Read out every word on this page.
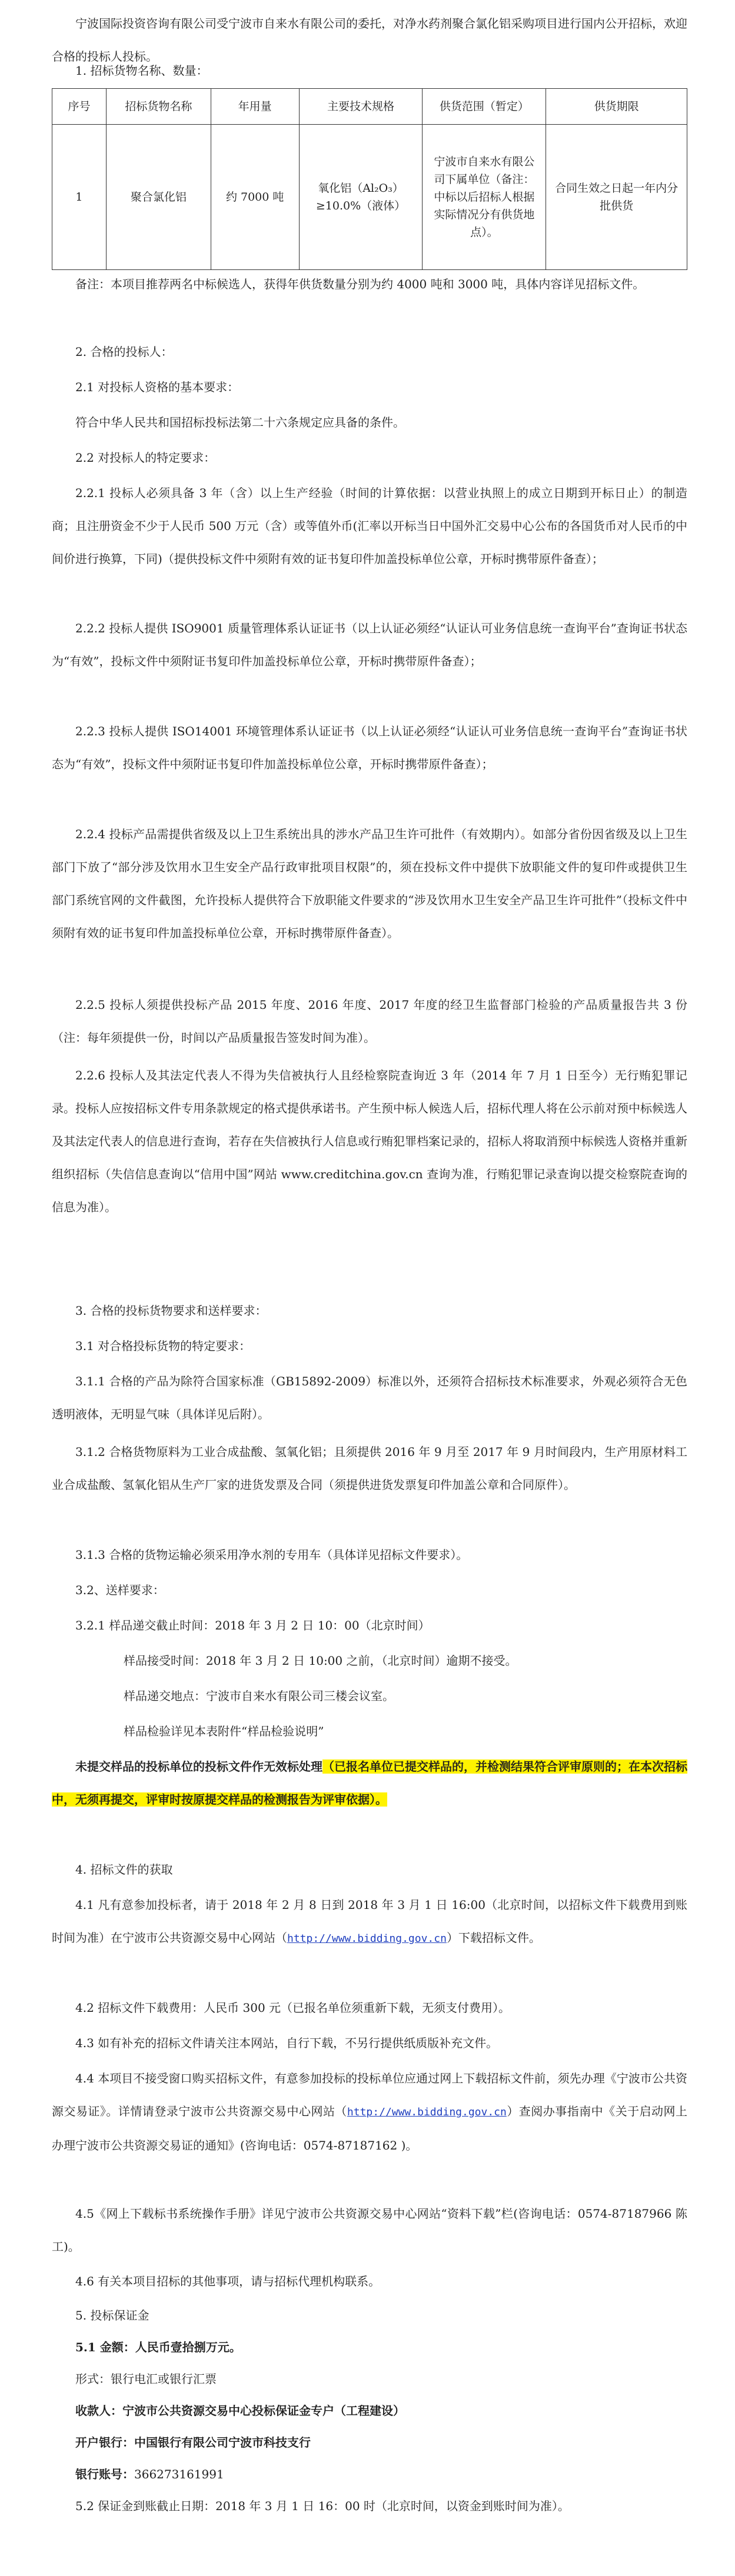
宁波国际投资咨询有限公司受宁波市自来水有限公司的委托，对净水药剂聚合氯化铝采购项目进行国内公开招标，欢迎合格的投标人投标。

1. 招标货物名称、数量：

序号	招标货物名称	年用量	主要技术规格	供货范围（暂定）	供货期限
1	聚合氯化铝	约 7000 吨	氧化铝（Al₂O₃）≥10.0%（液体）	宁波市自来水有限公司下属单位（备注：中标以后招标人根据实际情况分有供货地点）。	合同生效之日起一年内分批供货

备注：本项目推荐两名中标候选人，获得年供货数量分别为约 4000 吨和 3000 吨，具体内容详见招标文件。

2. 合格的投标人：

2.1 对投标人资格的基本要求：

符合中华人民共和国招标投标法第二十六条规定应具备的条件。

2.2 对投标人的特定要求：

2.2.1 投标人必须具备 3 年（含）以上生产经验（时间的计算依据：以营业执照上的成立日期到开标日止）的制造商；且注册资金不少于人民币 500 万元（含）或等值外币(汇率以开标当日中国外汇交易中心公布的各国货币对人民币的中间价进行换算，下同)（提供投标文件中须附有效的证书复印件加盖投标单位公章，开标时携带原件备查）；

2.2.2 投标人提供 ISO9001 质量管理体系认证证书（以上认证必须经“认证认可业务信息统一查询平台”查询证书状态为“有效”，投标文件中须附证书复印件加盖投标单位公章，开标时携带原件备查）；

2.2.3 投标人提供 ISO14001 环境管理体系认证证书（以上认证必须经“认证认可业务信息统一查询平台”查询证书状态为“有效”，投标文件中须附证书复印件加盖投标单位公章，开标时携带原件备查）；

2.2.4 投标产品需提供省级及以上卫生系统出具的涉水产品卫生许可批件（有效期内）。如部分省份因省级及以上卫生部门下放了“部分涉及饮用水卫生安全产品行政审批项目权限”的，须在投标文件中提供下放职能文件的复印件或提供卫生部门系统官网的文件截图，允许投标人提供符合下放职能文件要求的“涉及饮用水卫生安全产品卫生许可批件”（投标文件中须附有效的证书复印件加盖投标单位公章，开标时携带原件备查）。

2.2.5 投标人须提供投标产品 2015 年度、2016 年度、2017 年度的经卫生监督部门检验的产品质量报告共 3 份（注：每年须提供一份，时间以产品质量报告签发时间为准）。

2.2.6 投标人及其法定代表人不得为失信被执行人且经检察院查询近 3 年（2014 年 7 月 1 日至今）无行贿犯罪记录。投标人应按招标文件专用条款规定的格式提供承诺书。产生预中标人候选人后，招标代理人将在公示前对预中标候选人及其法定代表人的信息进行查询，若存在失信被执行人信息或行贿犯罪档案记录的，招标人将取消预中标候选人资格并重新组织招标（失信信息查询以“信用中国”网站 www.creditchina.gov.cn 查询为准，行贿犯罪记录查询以提交检察院查询的信息为准）。

3. 合格的投标货物要求和送样要求：

3.1 对合格投标货物的特定要求：

3.1.1 合格的产品为除符合国家标准（GB15892-2009）标准以外，还须符合招标技术标准要求，外观必须符合无色透明液体，无明显气味（具体详见后附）。

3.1.2 合格货物原料为工业合成盐酸、氢氧化铝；且须提供 2016 年 9 月至 2017 年 9 月时间段内，生产用原材料工业合成盐酸、氢氧化铝从生产厂家的进货发票及合同（须提供进货发票复印件加盖公章和合同原件）。

3.1.3 合格的货物运输必须采用净水剂的专用车（具体详见招标文件要求）。

3.2、送样要求：

3.2.1 样品递交截止时间：2018 年 3 月 2 日 10：00（北京时间）

样品接受时间：2018 年 3 月 2 日 10:00 之前，（北京时间）逾期不接受。

样品递交地点：宁波市自来水有限公司三楼会议室。

样品检验详见本表附件“样品检验说明”

未提交样品的投标单位的投标文件作无效标处理（已报名单位已提交样品的，并检测结果符合评审原则的；在本次招标中，无须再提交，评审时按原提交样品的检测报告为评审依据）。

4. 招标文件的获取

4.1 凡有意参加投标者，请于 2018 年 2 月 8 日到 2018 年 3 月 1 日 16:00（北京时间，以招标文件下载费用到账时间为准）在宁波市公共资源交易中心网站（http://www.bidding.gov.cn）下载招标文件。

4.2 招标文件下载费用：人民币 300 元（已报名单位须重新下载，无须支付费用）。

4.3 如有补充的招标文件请关注本网站，自行下载，不另行提供纸质版补充文件。

4.4 本项目不接受窗口购买招标文件，有意参加投标的投标单位应通过网上下载招标文件前，须先办理《宁波市公共资源交易证》。详情请登录宁波市公共资源交易中心网站（http://www.bidding.gov.cn）查阅办事指南中《关于启动网上办理宁波市公共资源交易证的通知》(咨询电话：0574-87187162 )。

4.5《网上下载标书系统操作手册》详见宁波市公共资源交易中心网站“资料下载”栏(咨询电话：0574-87187966 陈工)。

4.6 有关本项目招标的其他事项，请与招标代理机构联系。

5. 投标保证金

5.1 金额：人民币壹拾捌万元。

形式：银行电汇或银行汇票

收款人：宁波市公共资源交易中心投标保证金专户（工程建设）

开户银行：中国银行有限公司宁波市科技支行

银行账号：366273161991

5.2 保证金到账截止日期：2018 年 3 月 1 日 16：00 时（北京时间，以资金到账时间为准）。
